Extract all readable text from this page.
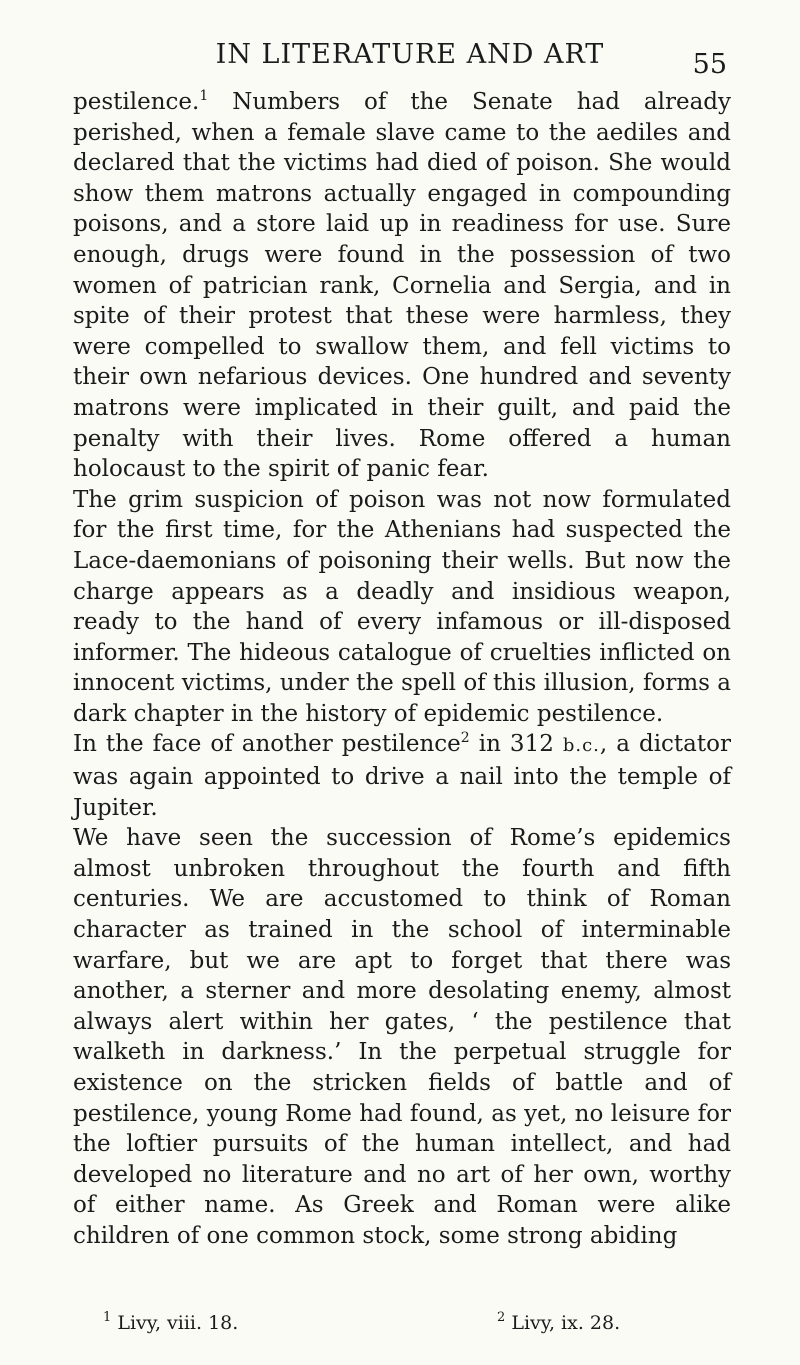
IN LITERATURE AND ART	55

pestilence.$^1$ Numbers of the Senate had already perished, when a female slave came to the aediles and declared that the victims had died of poison. She would show them matrons actually engaged in compounding poisons, and a store laid up in readiness for use. Sure enough, drugs were found in the possession of two women of patrician rank, Cornelia and Sergia, and in spite of their protest that these were harmless, they were compelled to swallow them, and fell victims to their own nefarious devices. One hundred and seventy matrons were implicated in their guilt, and paid the penalty with their lives. Rome offered a human holocaust to the spirit of panic fear.

The grim suspicion of poison was not now formulated for the first time, for the Athenians had suspected the Lace-daemonians of poisoning their wells. But now the charge appears as a deadly and insidious weapon, ready to the hand of every infamous or ill-disposed informer. The hideous catalogue of cruelties inflicted on innocent victims, under the spell of this illusion, forms a dark chapter in the history of epidemic pestilence.

In the face of another pestilence$^2$ in 312 b.c., a dictator was again appointed to drive a nail into the temple of Jupiter.

We have seen the succession of Rome’s epidemics almost unbroken throughout the fourth and fifth centuries. We are accustomed to think of Roman character as trained in the school of interminable warfare, but we are apt to forget that there was another, a sterner and more desolating enemy, almost always alert within her gates, ‘ the pestilence that walketh in darkness.’ In the perpetual struggle for existence on the stricken fields of battle and of pestilence, young Rome had found, as yet, no leisure for the loftier pursuits of the human intellect, and had developed no literature and no art of her own, worthy of either name. As Greek and Roman were alike children of one common stock, some strong abiding

$^1$ Livy, viii. 18.	$^2$ Livy, ix. 28.
